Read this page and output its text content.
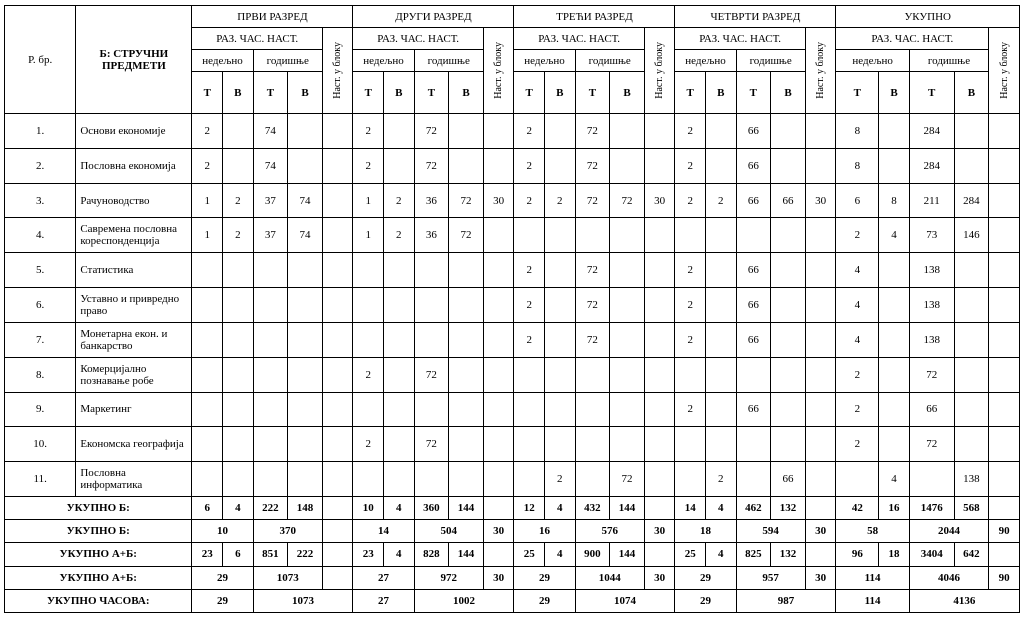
Р. бр.	Б: СТРУЧНИ ПРЕДМЕТИ	ПРВИ РАЗРЕД					ДРУГИ РАЗРЕД					ТРЕЋИ РАЗРЕД					ЧЕТВРТИ РАЗРЕД					УКУПНО				
		РАЗ. ЧАС. НАСТ.				Наст. у блоку	РАЗ. ЧАС. НАСТ.				Наст. у блоку	РАЗ. ЧАС. НАСТ.				Наст. у блоку	РАЗ. ЧАС. НАСТ.				Наст. у блоку	РАЗ. ЧАС. НАСТ.				Наст. у блоку

		недељно		годишње			недељно		годишње			недељно		годишње			недељно		годишње			недељно		годишње		
		Т	В	Т	В		Т	В	Т	В		Т	В	Т	В		Т	В	Т	В		Т	В	Т	В	
1.	Основи економије	2		74			2		72			2		72			2		66			8		284		
2.	Пословна економија	2		74			2		72			2		72			2		66			8		284		
3.	Рачуноводство	1	2	37	74		1	2	36	72	30	2	2	72	72	30	2	2	66	66	30	6	8	211	284	
4.	Савремена пословна кореспонденција	1	2	37	74		1	2	36	72												2	4	73	146	
5.	Статистика											2		72			2		66			4		138		
6.	Уставно и привредно право											2		72			2		66			4		138		
7.	Монетарна екон. и банкарство											2		72			2		66			4		138		
8.	Комерцијално познавање робе						2		72													2		72		
9.	Маркетинг																2		66			2		66		
10.	Економска географија						2		72													2		72		
11.	Пословна информатика												2		72			2		66			4		138	
УКУПНО Б:		6	4	222	148		10	4	360	144		12	4	432	144		14	4	462	132		42	16	1476	568	
УКУПНО Б:		10		370			14		504		30	16		576		30	18		594		30	58		2044		90
УКУПНО А+Б:		23	6	851	222		23	4	828	144		25	4	900	144		25	4	825	132		96	18	3404	642	
УКУПНО А+Б:		29		1073			27		972		30	29		1044		30	29		957		30	114		4046		90
УКУПНО ЧАСОВА:		29		1073			27		1002			29		1074			29		987			114		4136		
